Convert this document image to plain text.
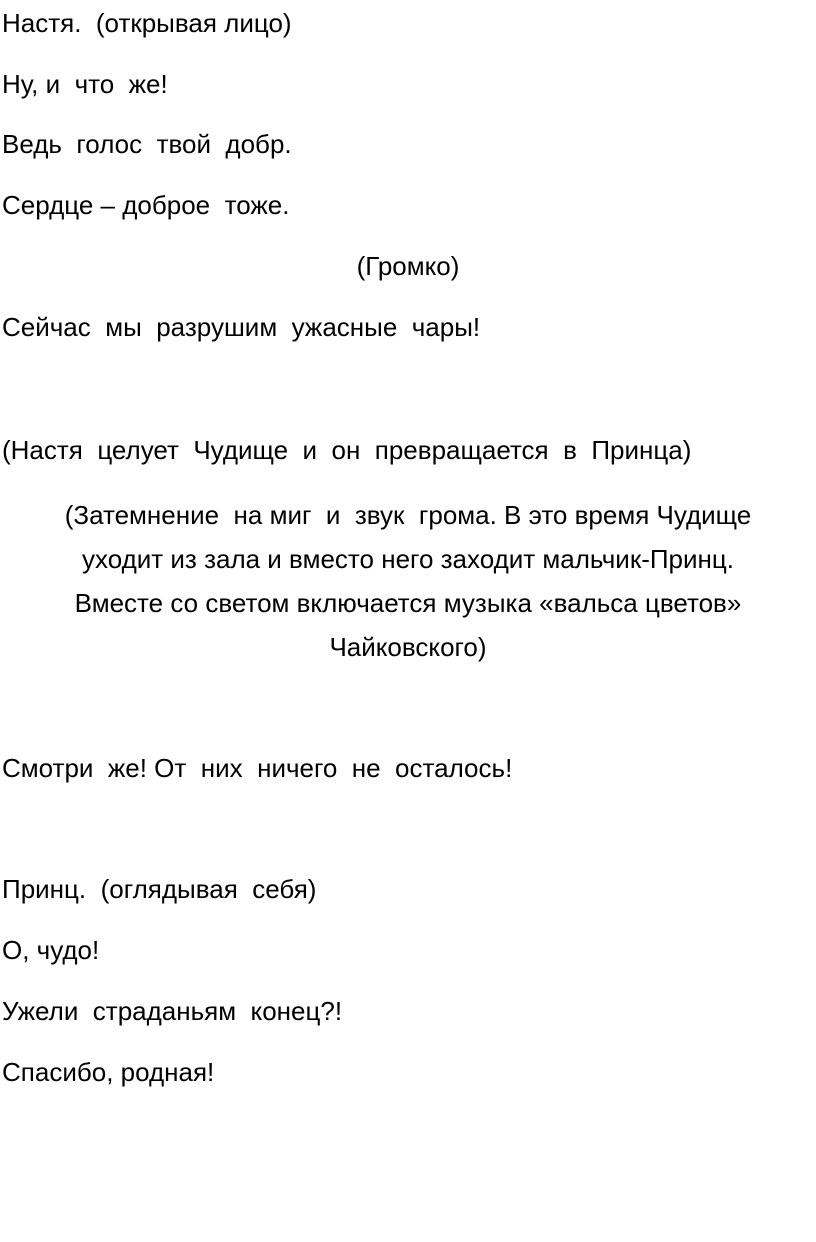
Настя.  (открывая лицо)

Ну, и  что  же!

Ведь  голос  твой  добр.

Сердце – доброе  тоже.

(Громко)

Сейчас  мы  разрушим  ужасные  чары!

(Настя  целует  Чудище  и  он  превращается  в  Принца)

(Затемнение  на миг  и  звук  грома. В это время Чудище
уходит из зала и вместо него заходит мальчик-Принц.
Вместе со светом включается музыка «вальса цветов»
Чайковского)

Смотри  же! От  них  ничего  не  осталось!

Принц.  (оглядывая  себя)

О, чудо!

Ужели  страданьям  конец?!

Спасибо, родная!
